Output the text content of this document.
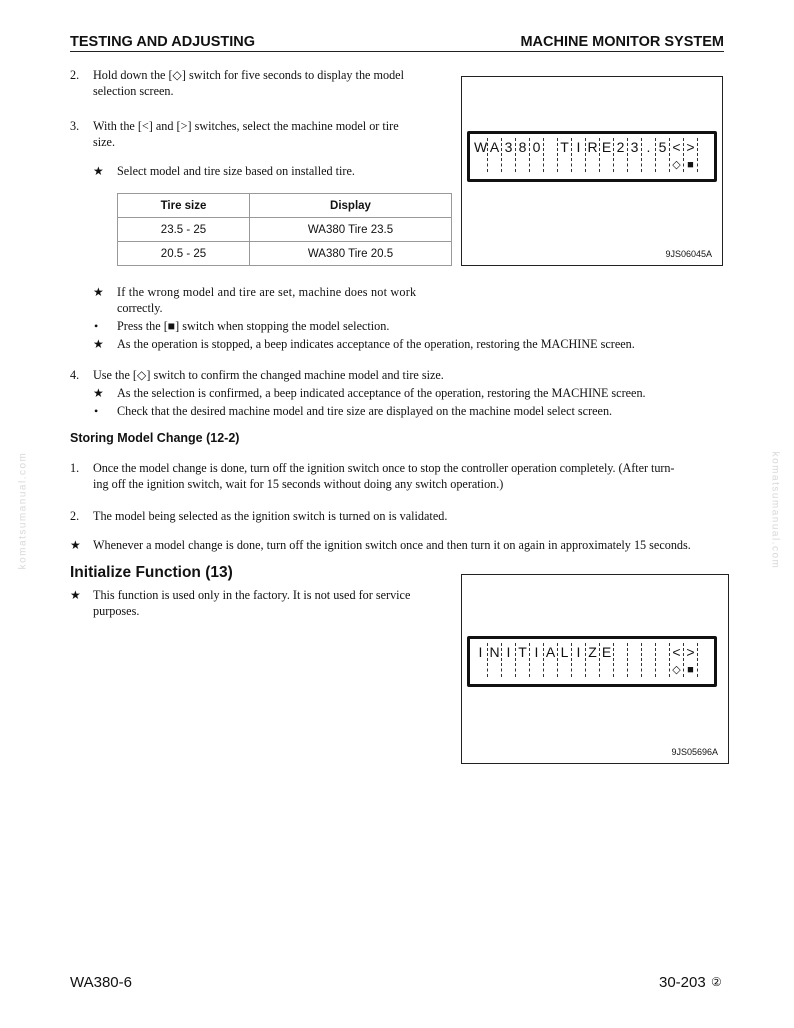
TESTING AND ADJUSTING	MACHINE MONITOR SYSTEM
2. Hold down the [◇] switch for five seconds to display the model
selection screen.
3. With the [<] and [>] switches, select the machine model or tire
size.
★ Select model and tire size based on installed tire.
Tire size	Display
23.5 - 25	WA380 Tire 23.5
20.5 - 25	WA380 Tire 20.5
W A 3 8 0 T I R E 2 3 . 5 < >
◇ ■
9JS06045A
★ If the wrong model and tire are set, machine does not work
correctly.
• Press the [■] switch when stopping the model selection.
★ As the operation is stopped, a beep indicates acceptance of the operation, restoring the MACHINE screen.
4. Use the [◇] switch to confirm the changed machine model and tire size.
★ As the selection is confirmed, a beep indicated acceptance of the operation, restoring the MACHINE screen.
• Check that the desired machine model and tire size are displayed on the machine model select screen.
Storing Model Change (12-2)
1. Once the model change is done, turn off the ignition switch once to stop the controller operation completely. (After turn-
ing off the ignition switch, wait for 15 seconds without doing any switch operation.)
2. The model being selected as the ignition switch is turned on is validated.
★ Whenever a model change is done, turn off the ignition switch once and then turn it on again in approximately 15 seconds.
Initialize Function (13)
★ This function is used only in the factory. It is not used for service
purposes.
I N I T I A L I Z E	< >
◇ ■
9JS05696A
komatsumanual.com	komatsumanual.com
WA380-6	30-203 ②
